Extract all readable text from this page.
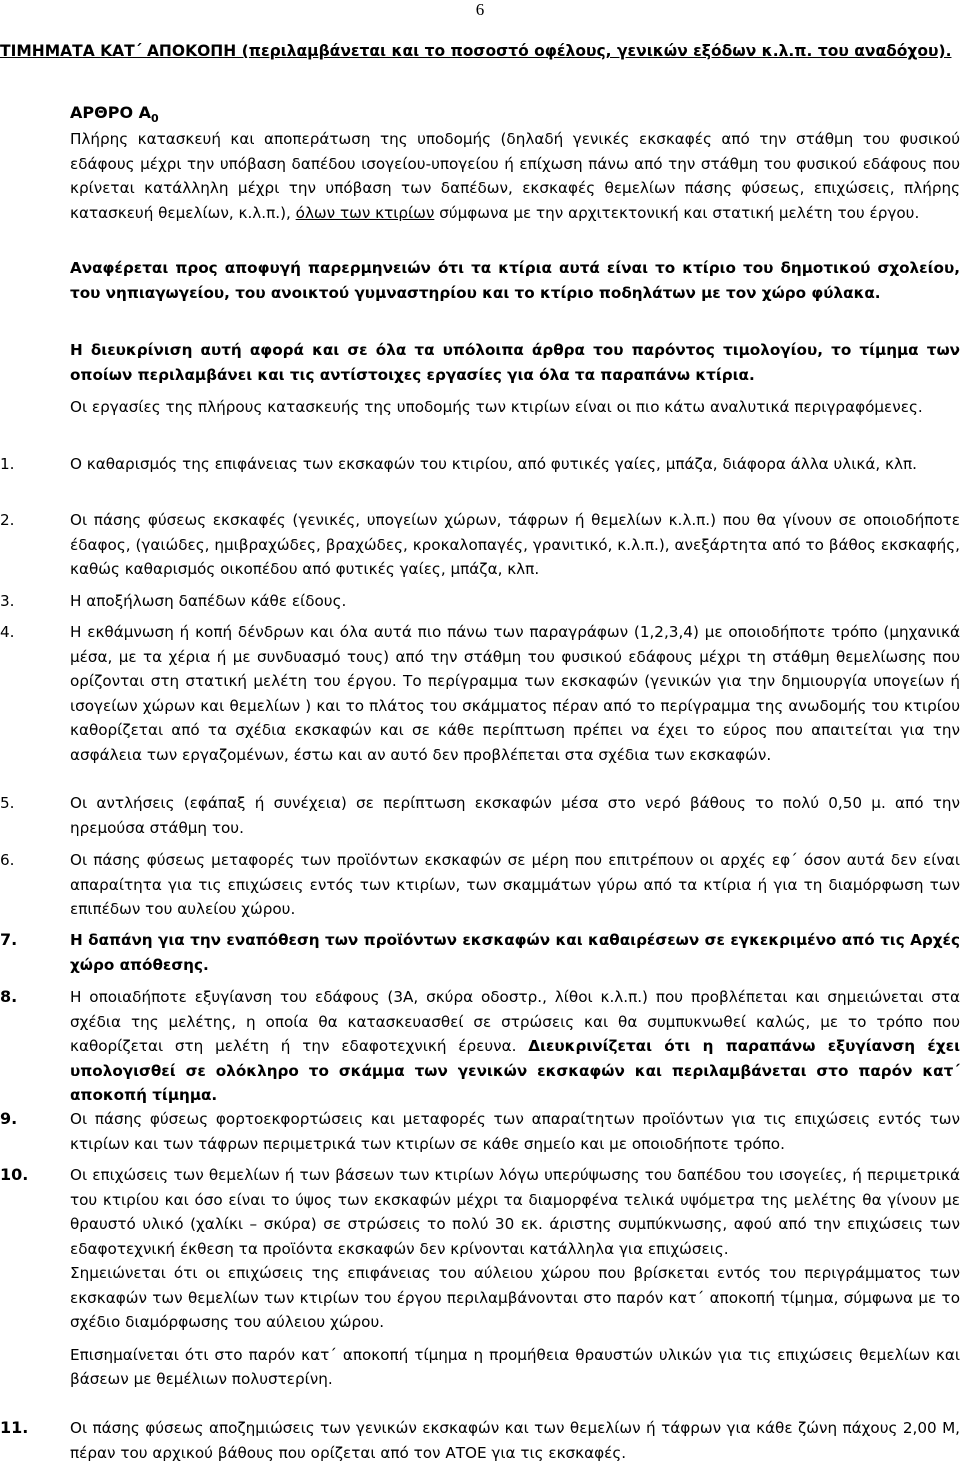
6
ΤΙΜΗΜΑΤΑ ΚΑΤ΄ ΑΠΟΚΟΠΗ (περιλαμβάνεται και το ποσοστό οφέλους, γενικών εξόδων κ.λ.π. του αναδόχου).
ΑΡΘΡΟ $A_0$
Πλήρης κατασκευή και αποπεράτωση της υποδομής (δηλαδή γενικές εκσκαφές από την στάθμη του φυσικού εδάφους μέχρι την υπόβαση δαπέδου ισογείου-υπογείου ή επίχωση πάνω από την στάθμη του φυσικού εδάφους που κρίνεται κατάλληλη μέχρι την υπόβαση των δαπέδων, εκσκαφές θεμελίων πάσης φύσεως, επιχώσεις, πλήρης κατασκευή θεμελίων, κ.λ.π.), όλων των κτιρίων σύμφωνα με την αρχιτεκτονική και στατική μελέτη του έργου.
Αναφέρεται προς αποφυγή παρερμηνειών ότι τα κτίρια αυτά είναι το κτίριο του δημοτικού σχολείου, του νηπιαγωγείου, του ανοικτού γυμναστηρίου και το κτίριο ποδηλάτων με τον χώρο φύλακα.
Η διευκρίνιση αυτή αφορά και σε όλα τα υπόλοιπα άρθρα του παρόντος τιμολογίου, το τίμημα των οποίων περιλαμβάνει και τις αντίστοιχες εργασίες για όλα τα παραπάνω κτίρια.
Οι εργασίες της πλήρους κατασκευής της υποδομής των κτιρίων είναι οι πιο κάτω αναλυτικά περιγραφόμενες.
1.	Ο καθαρισμός της επιφάνειας των εκσκαφών του κτιρίου, από φυτικές γαίες, μπάζα, διάφορα άλλα υλικά, κλπ.
2.	Οι πάσης φύσεως εκσκαφές (γενικές, υπογείων χώρων, τάφρων ή θεμελίων κ.λ.π.) που θα γίνουν σε οποιοδήποτε έδαφος, (γαιώδες, ημιβραχώδες, βραχώδες, κροκαλοπαγές, γρανιτικό, κ.λ.π.), ανεξάρτητα από το βάθος εκσκαφής, καθώς καθαρισμός οικοπέδου από φυτικές γαίες, μπάζα, κλπ.
3.	Η αποξήλωση δαπέδων κάθε είδους.
4.	Η εκθάμνωση ή κοπή δένδρων και όλα αυτά πιο πάνω των παραγράφων (1,2,3,4) με οποιοδήποτε τρόπο (μηχανικά μέσα, με τα χέρια ή με συνδυασμό τους) από την στάθμη του φυσικού εδάφους μέχρι τη στάθμη θεμελίωσης που ορίζονται στη στατική μελέτη του έργου. Το περίγραμμα των εκσκαφών (γενικών για την δημιουργία υπογείων ή ισογείων χώρων και θεμελίων ) και το πλάτος του σκάμματος πέραν από το περίγραμμα της ανωδομής του κτιρίου καθορίζεται από τα σχέδια εκσκαφών και σε κάθε περίπτωση πρέπει να έχει το εύρος που απαιτείται για την ασφάλεια των εργαζομένων, έστω και αν αυτό δεν προβλέπεται στα σχέδια των εκσκαφών.
5.	Οι αντλήσεις (εφάπαξ ή συνέχεια) σε περίπτωση εκσκαφών μέσα στο νερό βάθους το πολύ 0,50 μ. από την ηρεμούσα στάθμη του.
6.	Οι πάσης φύσεως μεταφορές των προϊόντων εκσκαφών σε μέρη που επιτρέπουν οι αρχές εφ΄ όσον αυτά δεν είναι απαραίτητα για τις επιχώσεις εντός των κτιρίων, των σκαμμάτων γύρω από τα κτίρια ή για τη διαμόρφωση των επιπέδων του αυλείου χώρου.
7.	Η δαπάνη για την εναπόθεση των προϊόντων εκσκαφών και καθαιρέσεων σε εγκεκριμένο από τις Αρχές χώρο απόθεσης.
8.	Η οποιαδήποτε εξυγίανση του εδάφους (3Α, σκύρα οδοστρ., λίθοι κ.λ.π.) που προβλέπεται και σημειώνεται στα σχέδια της μελέτης, η οποία θα κατασκευασθεί σε στρώσεις και θα συμπυκνωθεί καλώς, με το τρόπο που καθορίζεται στη μελέτη ή την εδαφοτεχνική έρευνα. Διευκρινίζεται ότι η παραπάνω εξυγίανση έχει υπολογισθεί σε ολόκληρο το σκάμμα των γενικών εκσκαφών και περιλαμβάνεται στο παρόν κατ΄ αποκοπή τίμημα.
9.	Οι πάσης φύσεως φορτοεκφορτώσεις και μεταφορές των απαραίτητων προϊόντων για τις επιχώσεις εντός των κτιρίων και των τάφρων περιμετρικά των κτιρίων σε κάθε σημείο και με οποιοδήποτε τρόπο.
10.	Οι επιχώσεις των θεμελίων ή των βάσεων των κτιρίων λόγω υπερύψωσης του δαπέδου του ισογείες, ή περιμετρικά του κτιρίου και όσο είναι το ύψος των εκσκαφών μέχρι τα διαμορφένα τελικά υψόμετρα της μελέτης θα γίνουν με θραυστό υλικό (χαλίκι – σκύρα) σε στρώσεις το πολύ 30 εκ. άριστης συμπύκνωσης, αφού από την επιχώσεις των εδαφοτεχνική έκθεση τα προϊόντα εκσκαφών δεν κρίνονται κατάλληλα για επιχώσεις.
Σημειώνεται ότι οι επιχώσεις της επιφάνειας του αύλειου χώρου που βρίσκεται εντός του περιγράμματος των εκσκαφών των θεμελίων των κτιρίων του έργου περιλαμβάνονται στο παρόν κατ΄ αποκοπή τίμημα, σύμφωνα με το σχέδιο διαμόρφωσης του αύλειου χώρου.
Επισημαίνεται ότι στο παρόν κατ΄ αποκοπή τίμημα η προμήθεια θραυστών υλικών για τις επιχώσεις θεμελίων και βάσεων με θεμέλιων πολυστερίνη.
11.	Οι πάσης φύσεως αποζημιώσεις των γενικών εκσκαφών και των θεμελίων ή τάφρων για κάθε ζώνη πάχους 2,00 Μ, πέραν του αρχικού βάθους που ορίζεται από τον ΑΤΟΕ για τις εκσκαφές.
